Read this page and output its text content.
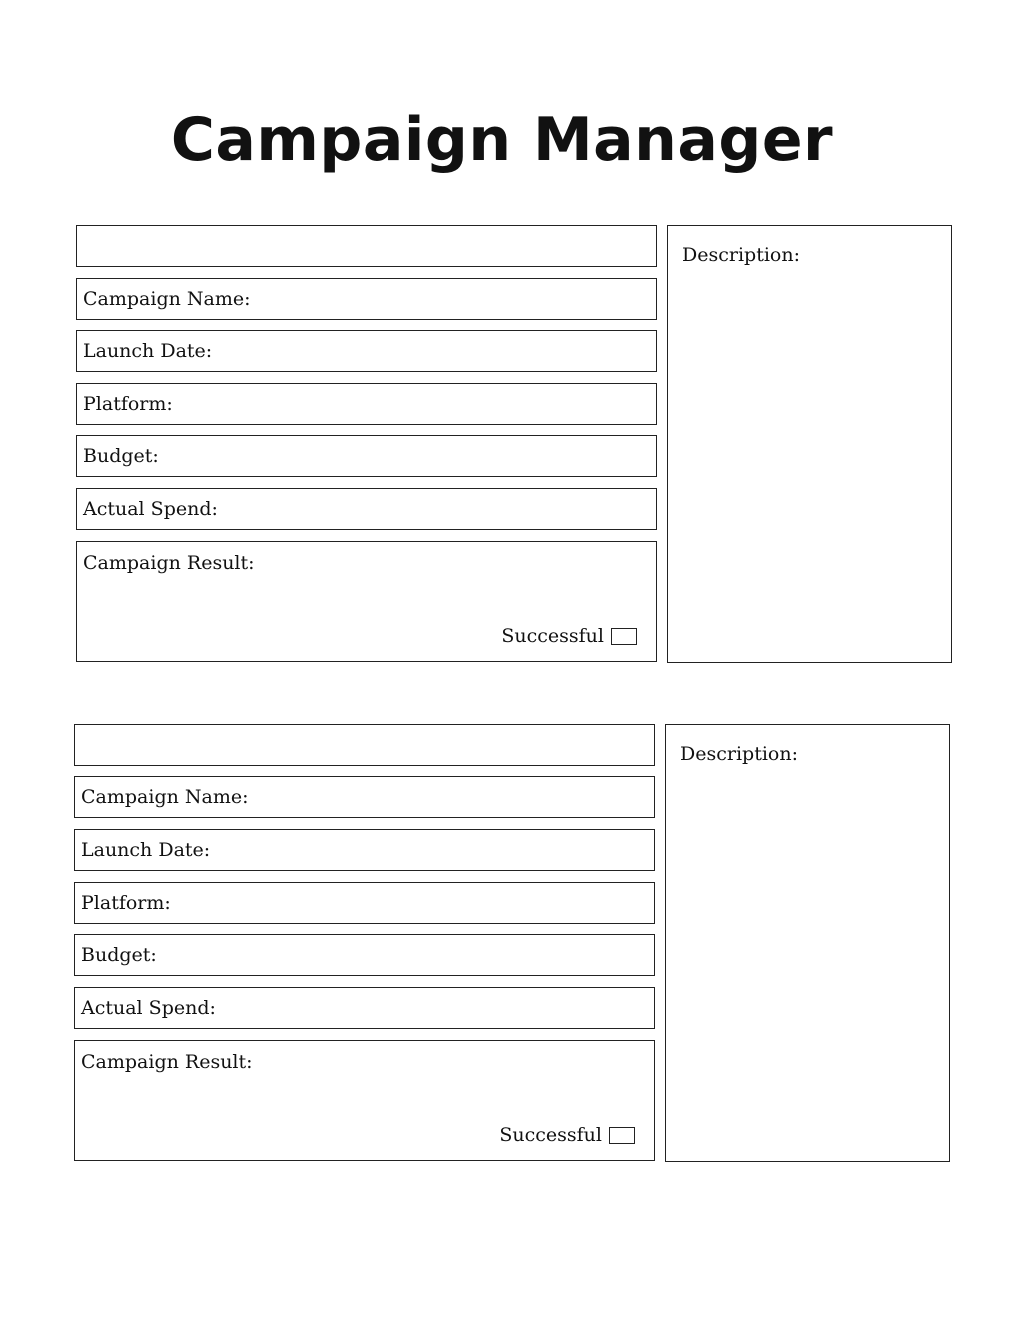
Campaign Manager
Campaign Name:
Launch Date:
Platform:
Budget:
Actual Spend:
Campaign Result:
Successful
Description:
Campaign Name:
Launch Date:
Platform:
Budget:
Actual Spend:
Campaign Result:
Successful
Description:
